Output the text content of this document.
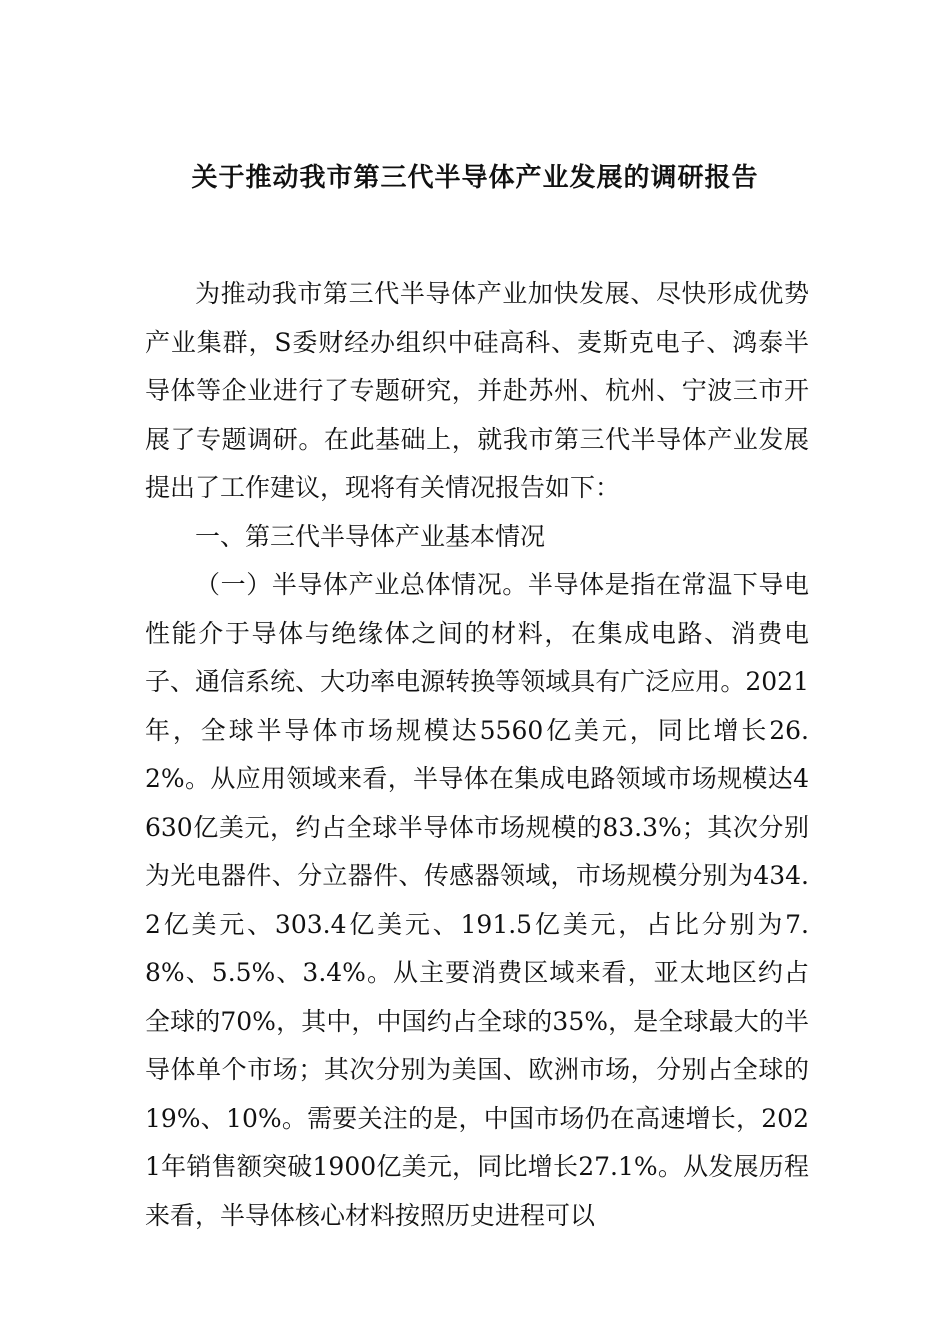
关于推动我市第三代半导体产业发展的调研报告

为推动我市第三代半导体产业加快发展、尽快形成优势产业集群，S委财经办组织中硅高科、麦斯克电子、鸿泰半导体等企业进行了专题研究，并赴苏州、杭州、宁波三市开展了专题调研。在此基础上，就我市第三代半导体产业发展提出了工作建议，现将有关情况报告如下：

一、第三代半导体产业基本情况

（一）半导体产业总体情况。半导体是指在常温下导电性能介于导体与绝缘体之间的材料，在集成电路、消费电子、通信系统、大功率电源转换等领域具有广泛应用。2021年，全球半导体市场规模达5560亿美元，同比增长26.2%。从应用领域来看，半导体在集成电路领域市场规模达4630亿美元，约占全球半导体市场规模的83.3%；其次分别为光电器件、分立器件、传感器领域，市场规模分别为434.2亿美元、303.4亿美元、191.5亿美元，占比分别为7.8%、5.5%、3.4%。从主要消费区域来看，亚太地区约占全球的70%，其中，中国约占全球的35%，是全球最大的半导体单个市场；其次分别为美国、欧洲市场，分别占全球的19%、10%。需要关注的是，中国市场仍在高速增长，2021年销售额突破1900亿美元，同比增长27.1%。从发展历程来看，半导体核心材料按照历史进程可以
